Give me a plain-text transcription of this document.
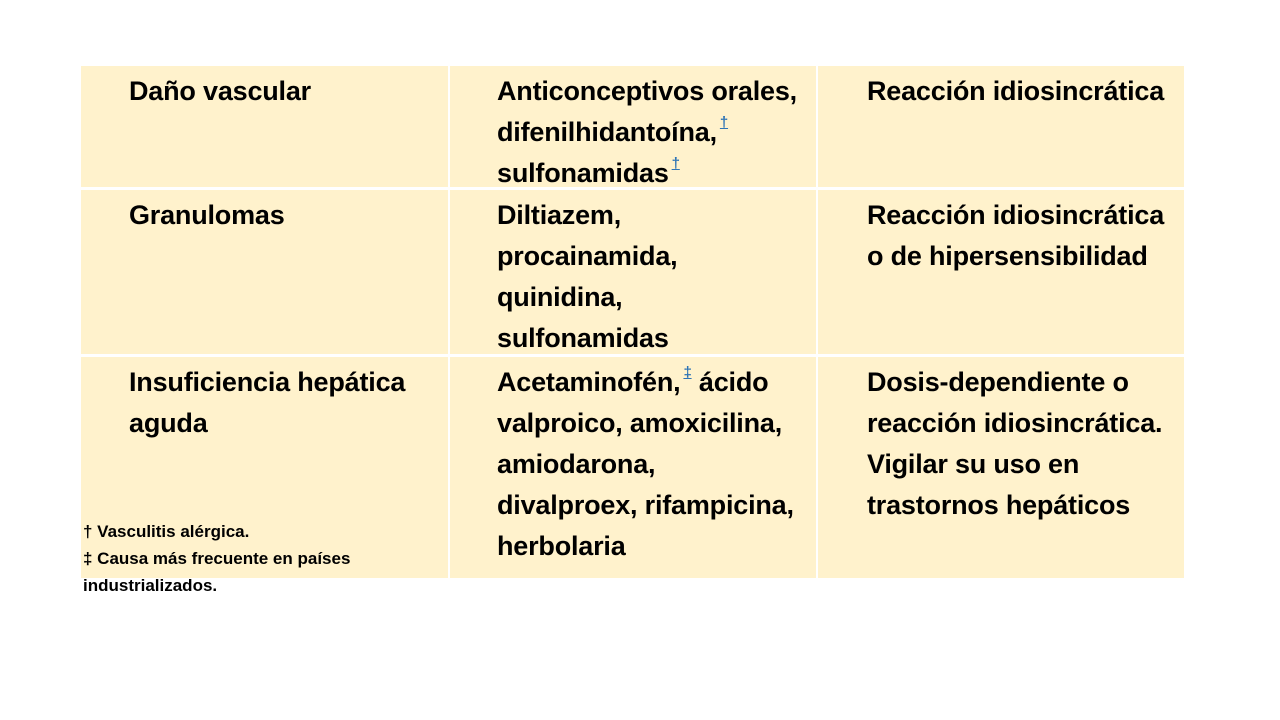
Daño vascular	Anticonceptivos orales,
difenilhidantoína, †
sulfonamidas †
Reacción idiosincrática
Granulomas	Diltiazem,
procainamida,
quinidina,
sulfonamidas
Reacción idiosincrática
o de hipersensibilidad
Insuficiencia hepática
aguda
† Vasculitis alérgica.
‡ Causa más frecuente en países industrializados.
Acetaminofén, ‡ ácido
valproico, amoxicilina,
amiodarona,
divalproex, rifampicina,
herbolaria
Dosis-dependiente o
reacción idiosincrática.
Vigilar su uso en
trastornos hepáticos
